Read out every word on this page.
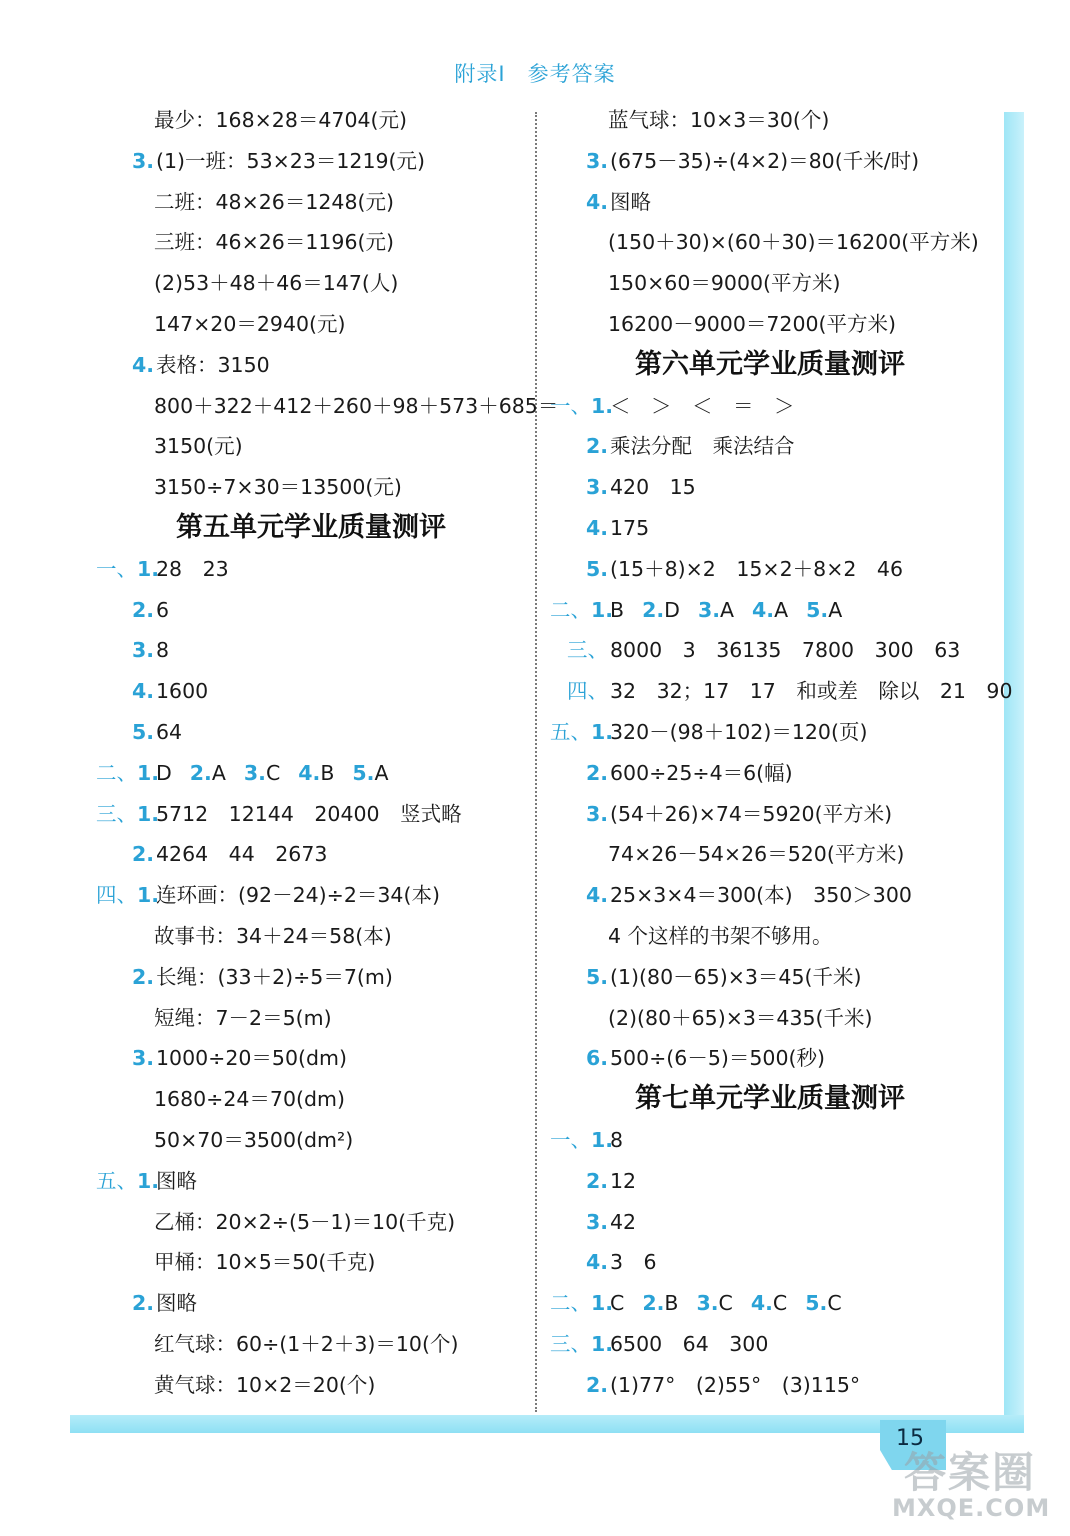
15
答案圈
MXQE.COM
附录Ⅰ　参考答案
最少：168×28＝4704(元)
3.(1)一班：53×23＝1219(元)
二班：48×26＝1248(元)
三班：46×26＝1196(元)
(2)53＋48＋46＝147(人)
147×20＝2940(元)
4.表格：3150
800＋322＋412＋260＋98＋573＋685＝
3150(元)
3150÷7×30＝13500(元)
第五单元学业质量测评
一、1.28　23
2.6
3.8
4.1600
5.64
二、1.D 2.A 3.C 4.B 5.A
三、1.5712　12144　20400　竖式略
2.4264　44　2673
四、1.连环画：(92－24)÷2＝34(本)
故事书：34＋24＝58(本)
2.长绳：(33＋2)÷5＝7(m)
短绳：7－2＝5(m)
3.1000÷20＝50(dm)
1680÷24＝70(dm)
50×70＝3500(dm²)
五、1.图略
乙桶：20×2÷(5－1)＝10(千克)
甲桶：10×5＝50(千克)
2.图略
红气球：60÷(1＋2＋3)＝10(个)
黄气球：10×2＝20(个)
蓝气球：10×3＝30(个)
3.(675－35)÷(4×2)＝80(千米/时)
4.图略
(150＋30)×(60＋30)＝16200(平方米)
150×60＝9000(平方米)
16200－9000＝7200(平方米)
第六单元学业质量测评
一、1.＜　＞　＜　＝　＞
2.乘法分配　乘法结合
3.420　15
4.175
5.(15＋8)×2　15×2＋8×2　46
二、1.B 2.D 3.A 4.A 5.A
三、8000　3　36135　7800　300　63
四、32　32；17　17　和或差　除以　21　90
五、1.320－(98＋102)＝120(页)
2.600÷25÷4＝6(幅)
3.(54＋26)×74＝5920(平方米)
74×26－54×26＝520(平方米)
4.25×3×4＝300(本)　350＞300
4 个这样的书架不够用。
5.(1)(80－65)×3＝45(千米)
(2)(80＋65)×3＝435(千米)
6.500÷(6－5)＝500(秒)
第七单元学业质量测评
一、1.8
2.12
3.42
4.3　6
二、1.C 2.B 3.C 4.C 5.C
三、1.6500　64　300
2.(1)77°　(2)55°　(3)115°
